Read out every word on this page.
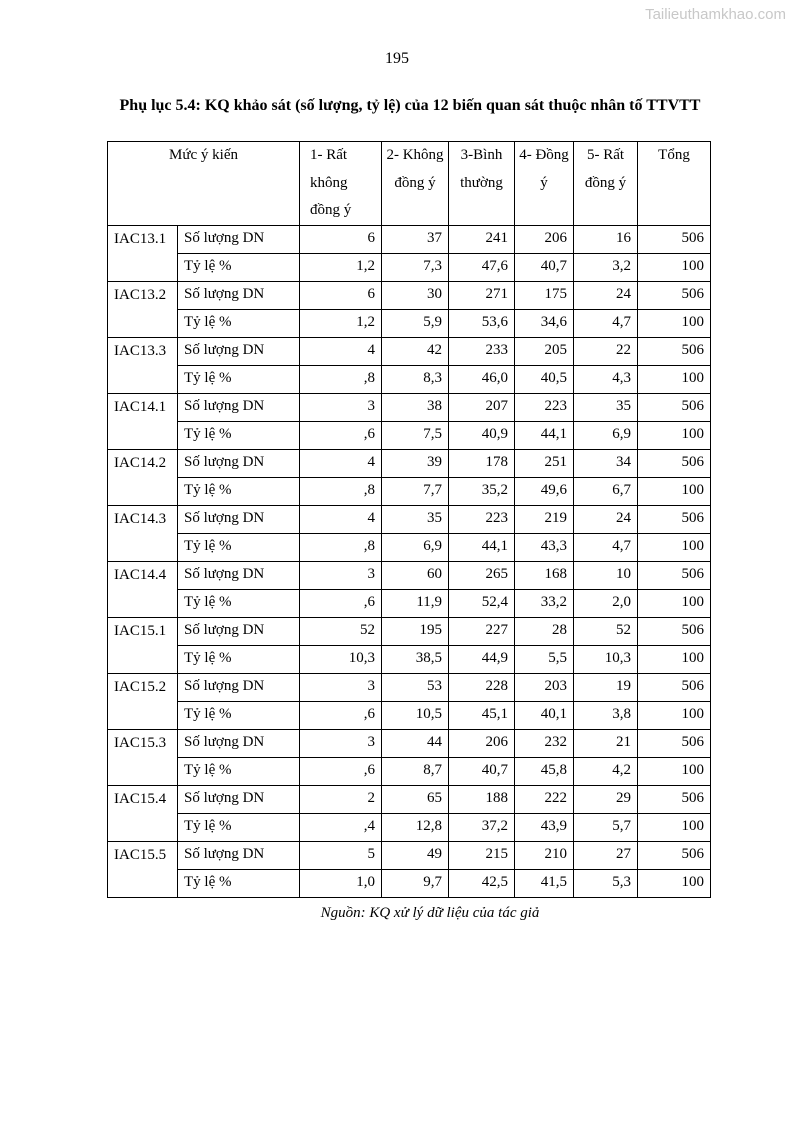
Tailieuthamkhao.com
195
Phụ lục 5.4: KQ khảo sát (số lượng, tỷ lệ) của 12 biến quan sát thuộc nhân tố TTVTT
Mức ý kiến		1- Rất không đồng ý	2- Không đồng ý	3-Bình thường	4- Đồng ý	5- Rất đồng ý	Tổng
IAC13.1	Số lượng DN	6	37	241	206	16	506
	Tỷ lệ %	1,2	7,3	47,6	40,7	3,2	100
IAC13.2	Số lượng DN	6	30	271	175	24	506
	Tỷ lệ %	1,2	5,9	53,6	34,6	4,7	100
IAC13.3	Số lượng DN	4	42	233	205	22	506
	Tỷ lệ %	,8	8,3	46,0	40,5	4,3	100
IAC14.1	Số lượng DN	3	38	207	223	35	506
	Tỷ lệ %	,6	7,5	40,9	44,1	6,9	100
IAC14.2	Số lượng DN	4	39	178	251	34	506
	Tỷ lệ %	,8	7,7	35,2	49,6	6,7	100
IAC14.3	Số lượng DN	4	35	223	219	24	506
	Tỷ lệ %	,8	6,9	44,1	43,3	4,7	100
IAC14.4	Số lượng DN	3	60	265	168	10	506
	Tỷ lệ %	,6	11,9	52,4	33,2	2,0	100
IAC15.1	Số lượng DN	52	195	227	28	52	506
	Tỷ lệ %	10,3	38,5	44,9	5,5	10,3	100
IAC15.2	Số lượng DN	3	53	228	203	19	506
	Tỷ lệ %	,6	10,5	45,1	40,1	3,8	100
IAC15.3	Số lượng DN	3	44	206	232	21	506
	Tỷ lệ %	,6	8,7	40,7	45,8	4,2	100
IAC15.4	Số lượng DN	2	65	188	222	29	506
	Tỷ lệ %	,4	12,8	37,2	43,9	5,7	100
IAC15.5	Số lượng DN	5	49	215	210	27	506
	Tỷ lệ %	1,0	9,7	42,5	41,5	5,3	100
Nguồn: KQ xử lý dữ liệu của tác giả
